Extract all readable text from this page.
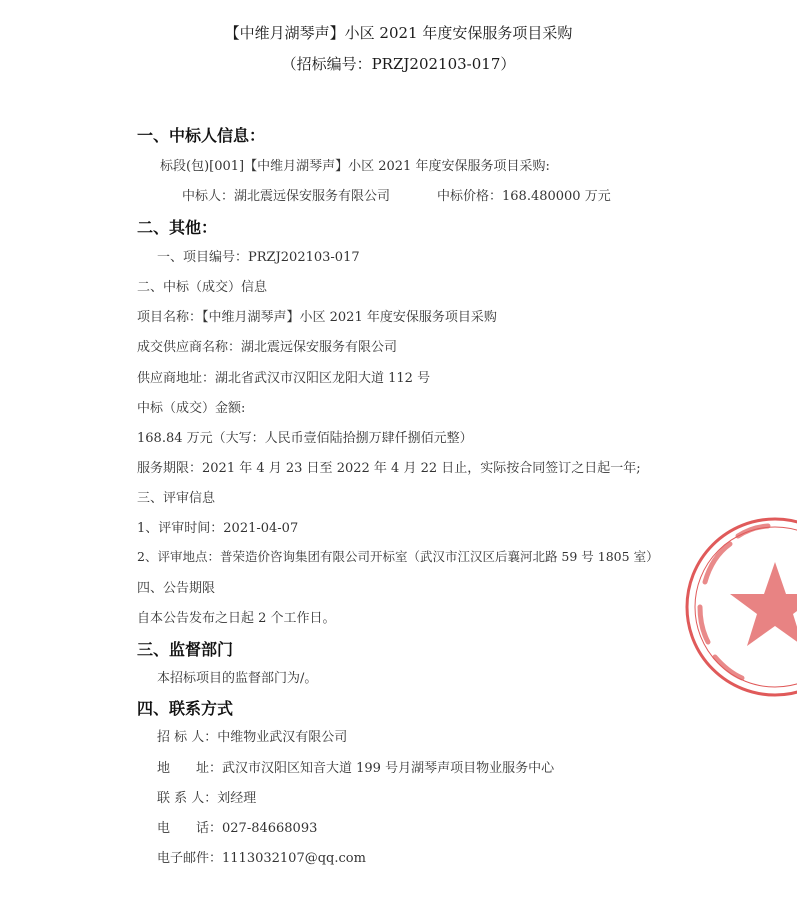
【中维月湖琴声】小区 2021 年度安保服务项目采购
（招标编号：PRZJ202103-017）
一、中标人信息：
标段(包)[001]【中维月湖琴声】小区 2021 年度安保服务项目采购:
中标人：湖北震远保安服务有限公司	中标价格：168.480000 万元
二、其他：
一、项目编号：PRZJ202103-017
二、中标（成交）信息
项目名称：【中维月湖琴声】小区 2021 年度安保服务项目采购
成交供应商名称：湖北震远保安服务有限公司
供应商地址：湖北省武汉市汉阳区龙阳大道 112 号
中标（成交）金额:
168.84 万元（大写：人民币壹佰陆拾捌万肆仟捌佰元整）
服务期限：2021 年 4 月 23 日至 2022 年 4 月 22 日止，实际按合同签订之日起一年;
三、评审信息
1、评审时间：2021-04-07
2、评审地点：普荣造价咨询集团有限公司开标室（武汉市江汉区后襄河北路 59 号 1805 室）
四、公告期限
自本公告发布之日起 2 个工作日。
三、监督部门
本招标项目的监督部门为/。
四、联系方式
招 标 人：中维物业武汉有限公司
地　　址：武汉市汉阳区知音大道 199 号月湖琴声项目物业服务中心
联 系 人：刘经理
电　　话：027-84668093
电子邮件：1113032107@qq.com
